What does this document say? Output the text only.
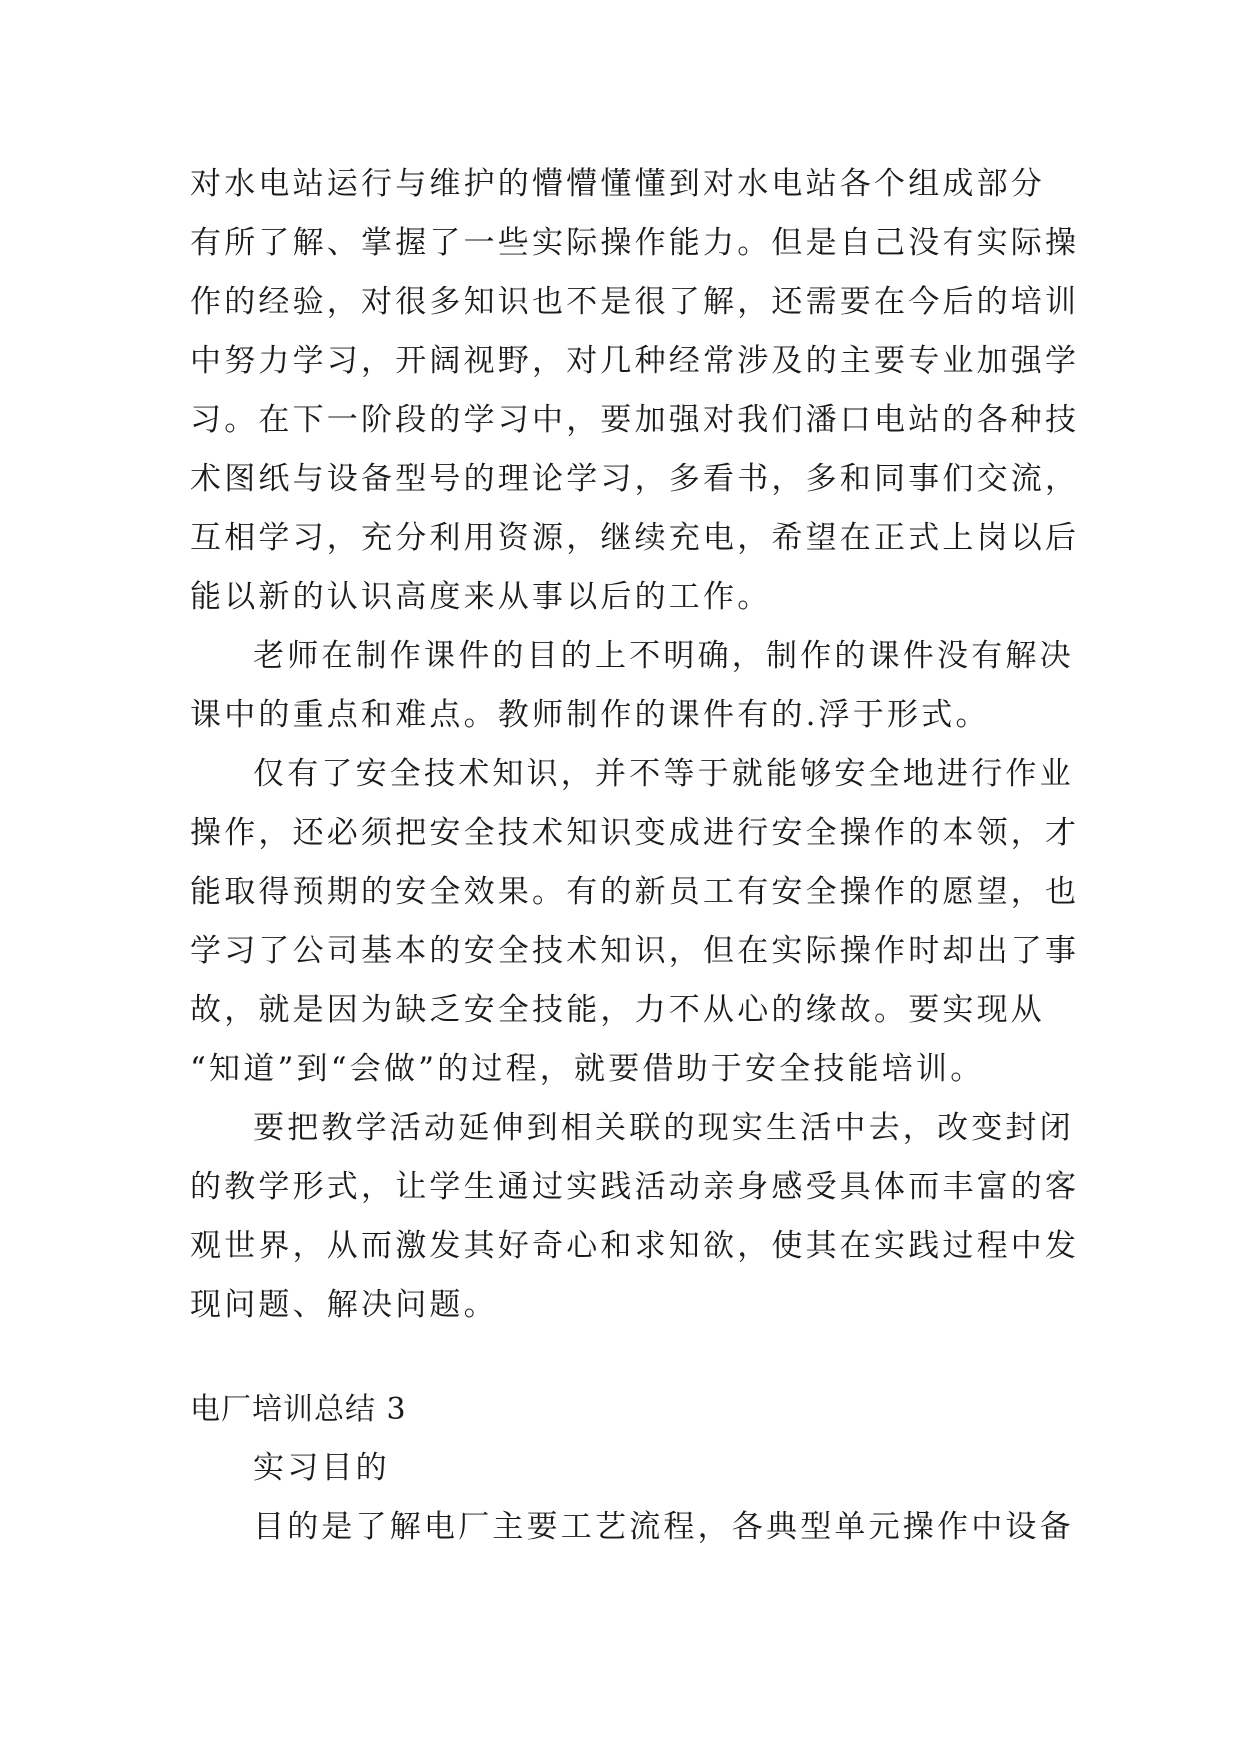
对水电站运行与维护的懵懵懂懂到对水电站各个组成部分
有所了解、掌握了一些实际操作能力。但是自己没有实际操
作的经验，对很多知识也不是很了解，还需要在今后的培训
中努力学习，开阔视野，对几种经常涉及的主要专业加强学
习。在下一阶段的学习中，要加强对我们潘口电站的各种技
术图纸与设备型号的理论学习，多看书，多和同事们交流，
互相学习，充分利用资源，继续充电，希望在正式上岗以后
能以新的认识高度来从事以后的工作。
老师在制作课件的目的上不明确，制作的课件没有解决
课中的重点和难点。教师制作的课件有的.浮于形式。
仅有了安全技术知识，并不等于就能够安全地进行作业
操作，还必须把安全技术知识变成进行安全操作的本领，才
能取得预期的安全效果。有的新员工有安全操作的愿望，也
学习了公司基本的安全技术知识，但在实际操作时却出了事
故，就是因为缺乏安全技能，力不从心的缘故。要实现从
“知道”到“会做”的过程，就要借助于安全技能培训。
要把教学活动延伸到相关联的现实生活中去，改变封闭
的教学形式，让学生通过实践活动亲身感受具体而丰富的客
观世界，从而激发其好奇心和求知欲，使其在实践过程中发
现问题、解决问题。
电厂培训总结 3
实习目的
目的是了解电厂主要工艺流程，各典型单元操作中设备
